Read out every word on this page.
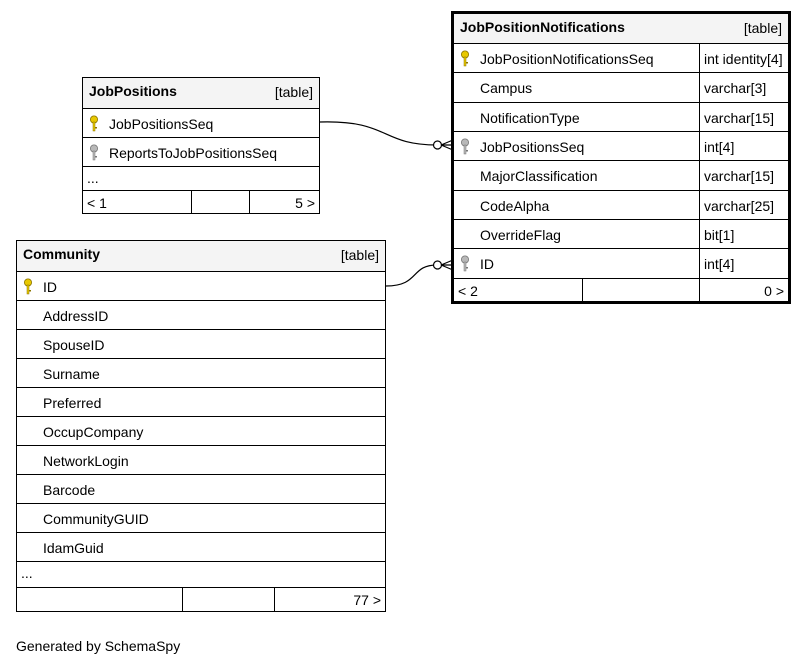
JobPositions	[table]
JobPositionsSeq
ReportsToJobPositionsSeq
...
< 1	5 >
Community	[table]
ID
AddressID
SpouseID
Surname
Preferred
OccupCompany
NetworkLogin
Barcode
CommunityGUID
IdamGuid
...
77 >
JobPositionNotifications	[table]
JobPositionNotificationsSeq	int identity[4]
Campus	varchar[3]
NotificationType	varchar[15]
JobPositionsSeq	int[4]
MajorClassification	varchar[15]
CodeAlpha	varchar[25]
OverrideFlag	bit[1]
ID	int[4]
< 2	0 >
Generated by SchemaSpy
